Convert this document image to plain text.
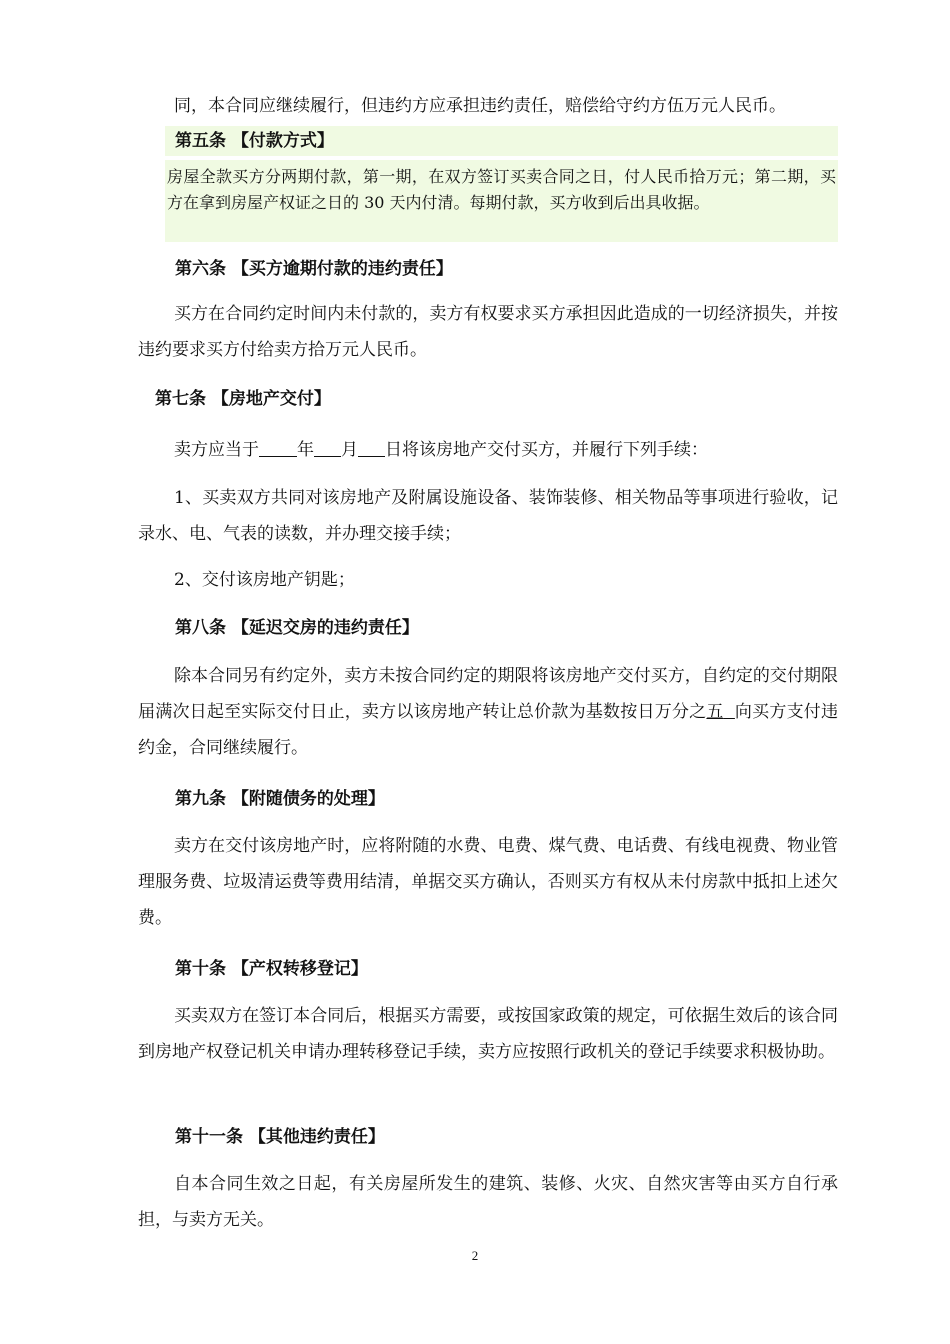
同，本合同应继续履行，但违约方应承担违约责任，赔偿给守约方伍万元人民币。

第五条 【付款方式】
房屋全款买方分两期付款，第一期，在双方签订买卖合同之日，付人民币拾万元；第二期，买方在拿到房屋产权证之日的 30 天内付清。每期付款，买方收到后出具收据。
第六条 【买方逾期付款的违约责任】

买方在合同约定时间内未付款的，卖方有权要求买方承担因此造成的一切经济损失，并按违约要求买方付给卖方拾万元人民币。

第七条 【房地产交付】

卖方应当于 年 月 日将该房地产交付买方，并履行下列手续：

1、买卖双方共同对该房地产及附属设施设备、装饰装修、相关物品等事项进行验收，记录水、电、气表的读数，并办理交接手续；

2、交付该房地产钥匙；

第八条 【延迟交房的违约责任】

除本合同另有约定外，卖方未按合同约定的期限将该房地产交付买方，自约定的交付期限届满次日起至实际交付日止，卖方以该房地产转让总价款为基数按日万分之五 向买方支付违约金，合同继续履行。

第九条 【附随债务的处理】

卖方在交付该房地产时，应将附随的水费、电费、煤气费、电话费、有线电视费、物业管理服务费、垃圾清运费等费用结清，单据交买方确认，否则买方有权从未付房款中抵扣上述欠费。

第十条 【产权转移登记】

买卖双方在签订本合同后，根据买方需要，或按国家政策的规定，可依据生效后的该合同到房地产权登记机关申请办理转移登记手续，卖方应按照行政机关的登记手续要求积极协助。

第十一条 【其他违约责任】

自本合同生效之日起，有关房屋所发生的建筑、装修、火灾、自然灾害等由买方自行承担，与卖方无关。

2
